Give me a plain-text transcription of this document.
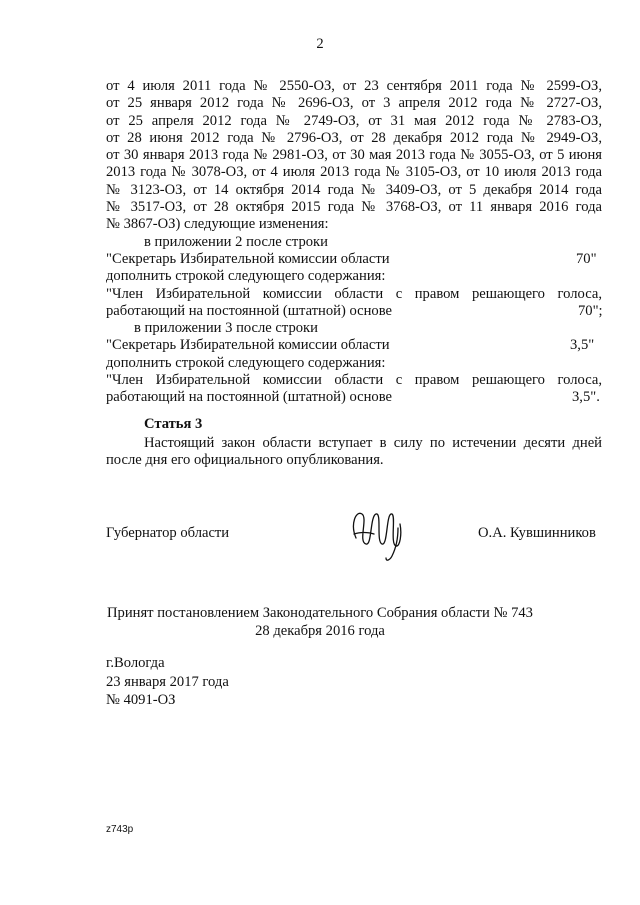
2
от 4 июля 2011 года № 2550-ОЗ, от 23 сентября 2011 года № 2599-ОЗ,
от 25 января 2012 года № 2696-ОЗ, от 3 апреля 2012 года № 2727-ОЗ,
от 25 апреля 2012 года № 2749-ОЗ, от 31 мая 2012 года № 2783-ОЗ,
от 28 июня 2012 года № 2796-ОЗ, от 28 декабря 2012 года № 2949-ОЗ,
от 30 января 2013 года № 2981-ОЗ, от 30 мая 2013 года № 3055-ОЗ, от 5 июня
2013 года № 3078-ОЗ, от 4 июля 2013 года № 3105-ОЗ, от 10 июля 2013 года
№ 3123-ОЗ, от 14 октября 2014 года № 3409-ОЗ, от 5 декабря 2014 года
№ 3517-ОЗ, от 28 октября 2015 года № 3768-ОЗ, от 11 января 2016 года
№ 3867-ОЗ) следующие изменения:
в приложении 2 после строки
"Секретарь Избирательной комиссии области	70"
дополнить строкой следующего содержания:
"Член Избирательной комиссии области с правом решающего голоса,
работающий на постоянной (штатной) основе	70";
в приложении 3 после строки
"Секретарь Избирательной комиссии области	3,5"
дополнить строкой следующего содержания:
"Член Избирательной комиссии области с правом решающего голоса,
работающий на постоянной (штатной) основе	3,5".
Статья 3
Настоящий закон области вступает в силу по истечении десяти дней
после дня его официального опубликования.
Губернатор области	О.А. Кувшинников
Принят постановлением Законодательного Собрания области № 743
28 декабря 2016 года
г.Вологда
23 января 2017 года
№ 4091-ОЗ
z743p
